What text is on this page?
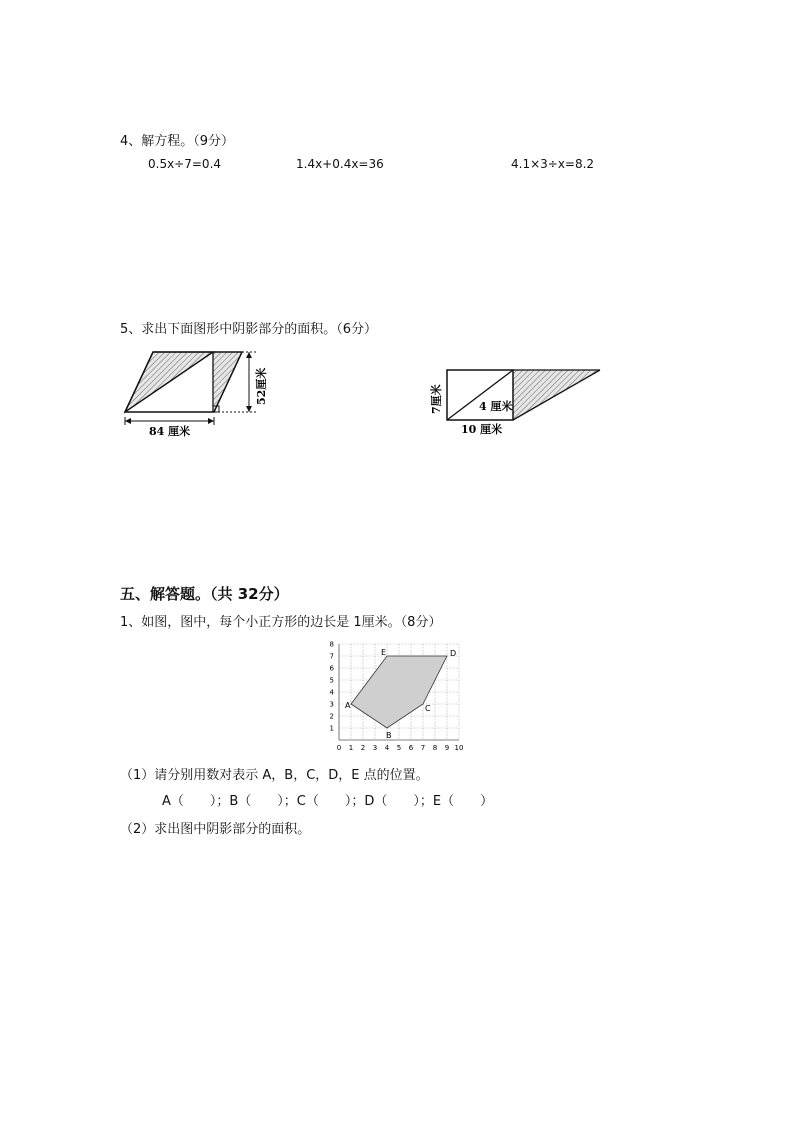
4、解方程。（9分）
0.5x÷7=0.4	1.4x+0.4x=36	4.1×3÷x=8.2
5、求出下面图形中阴影部分的面积。（6分）
52厘米
84 厘米
7厘米	4 厘米
10 厘米
五、解答题。（共 32分）
1、如图，图中，每个小正方形的边长是 1厘米。（8分）
0 1 2 3 4 5 6 7 8 9 10
1
2
3
4
5
6
7
8
A
B
C
D
E
（1）请分别用数对表示 A，B，C，D，E 点的位置。
A（　　）；B（　　）；C（　　）；D（　　）；E（　　）
（2）求出图中阴影部分的面积。
